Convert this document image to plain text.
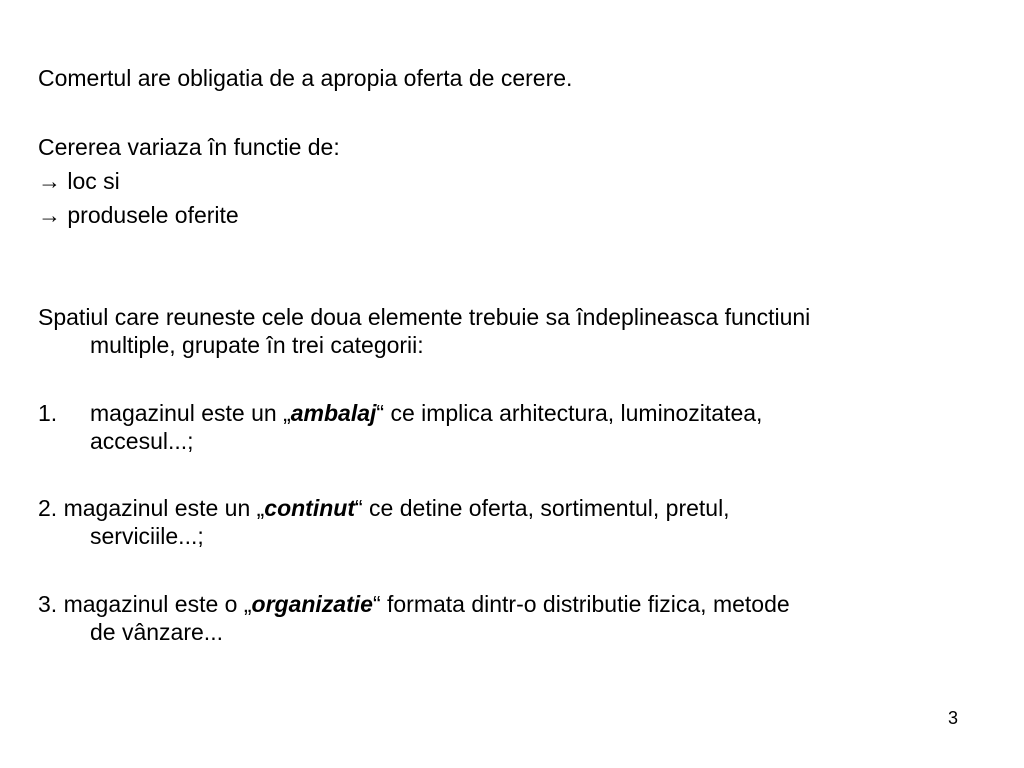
Comertul are obligatia de a apropia oferta de cerere.
Cererea variaza în functie de:
→ loc si
→ produsele oferite
Spatiul care reuneste cele doua elemente trebuie sa îndeplineasca functiuni
multiple, grupate în trei categorii:
1. magazinul este un „ambalaj“ ce implica arhitectura, luminozitatea,
accesul...;
2. magazinul este un „continut“ ce detine oferta, sortimentul, pretul,
serviciile...;
3. magazinul este o „organizatie“ formata dintr-o distributie fizica, metode
de vânzare...
3
